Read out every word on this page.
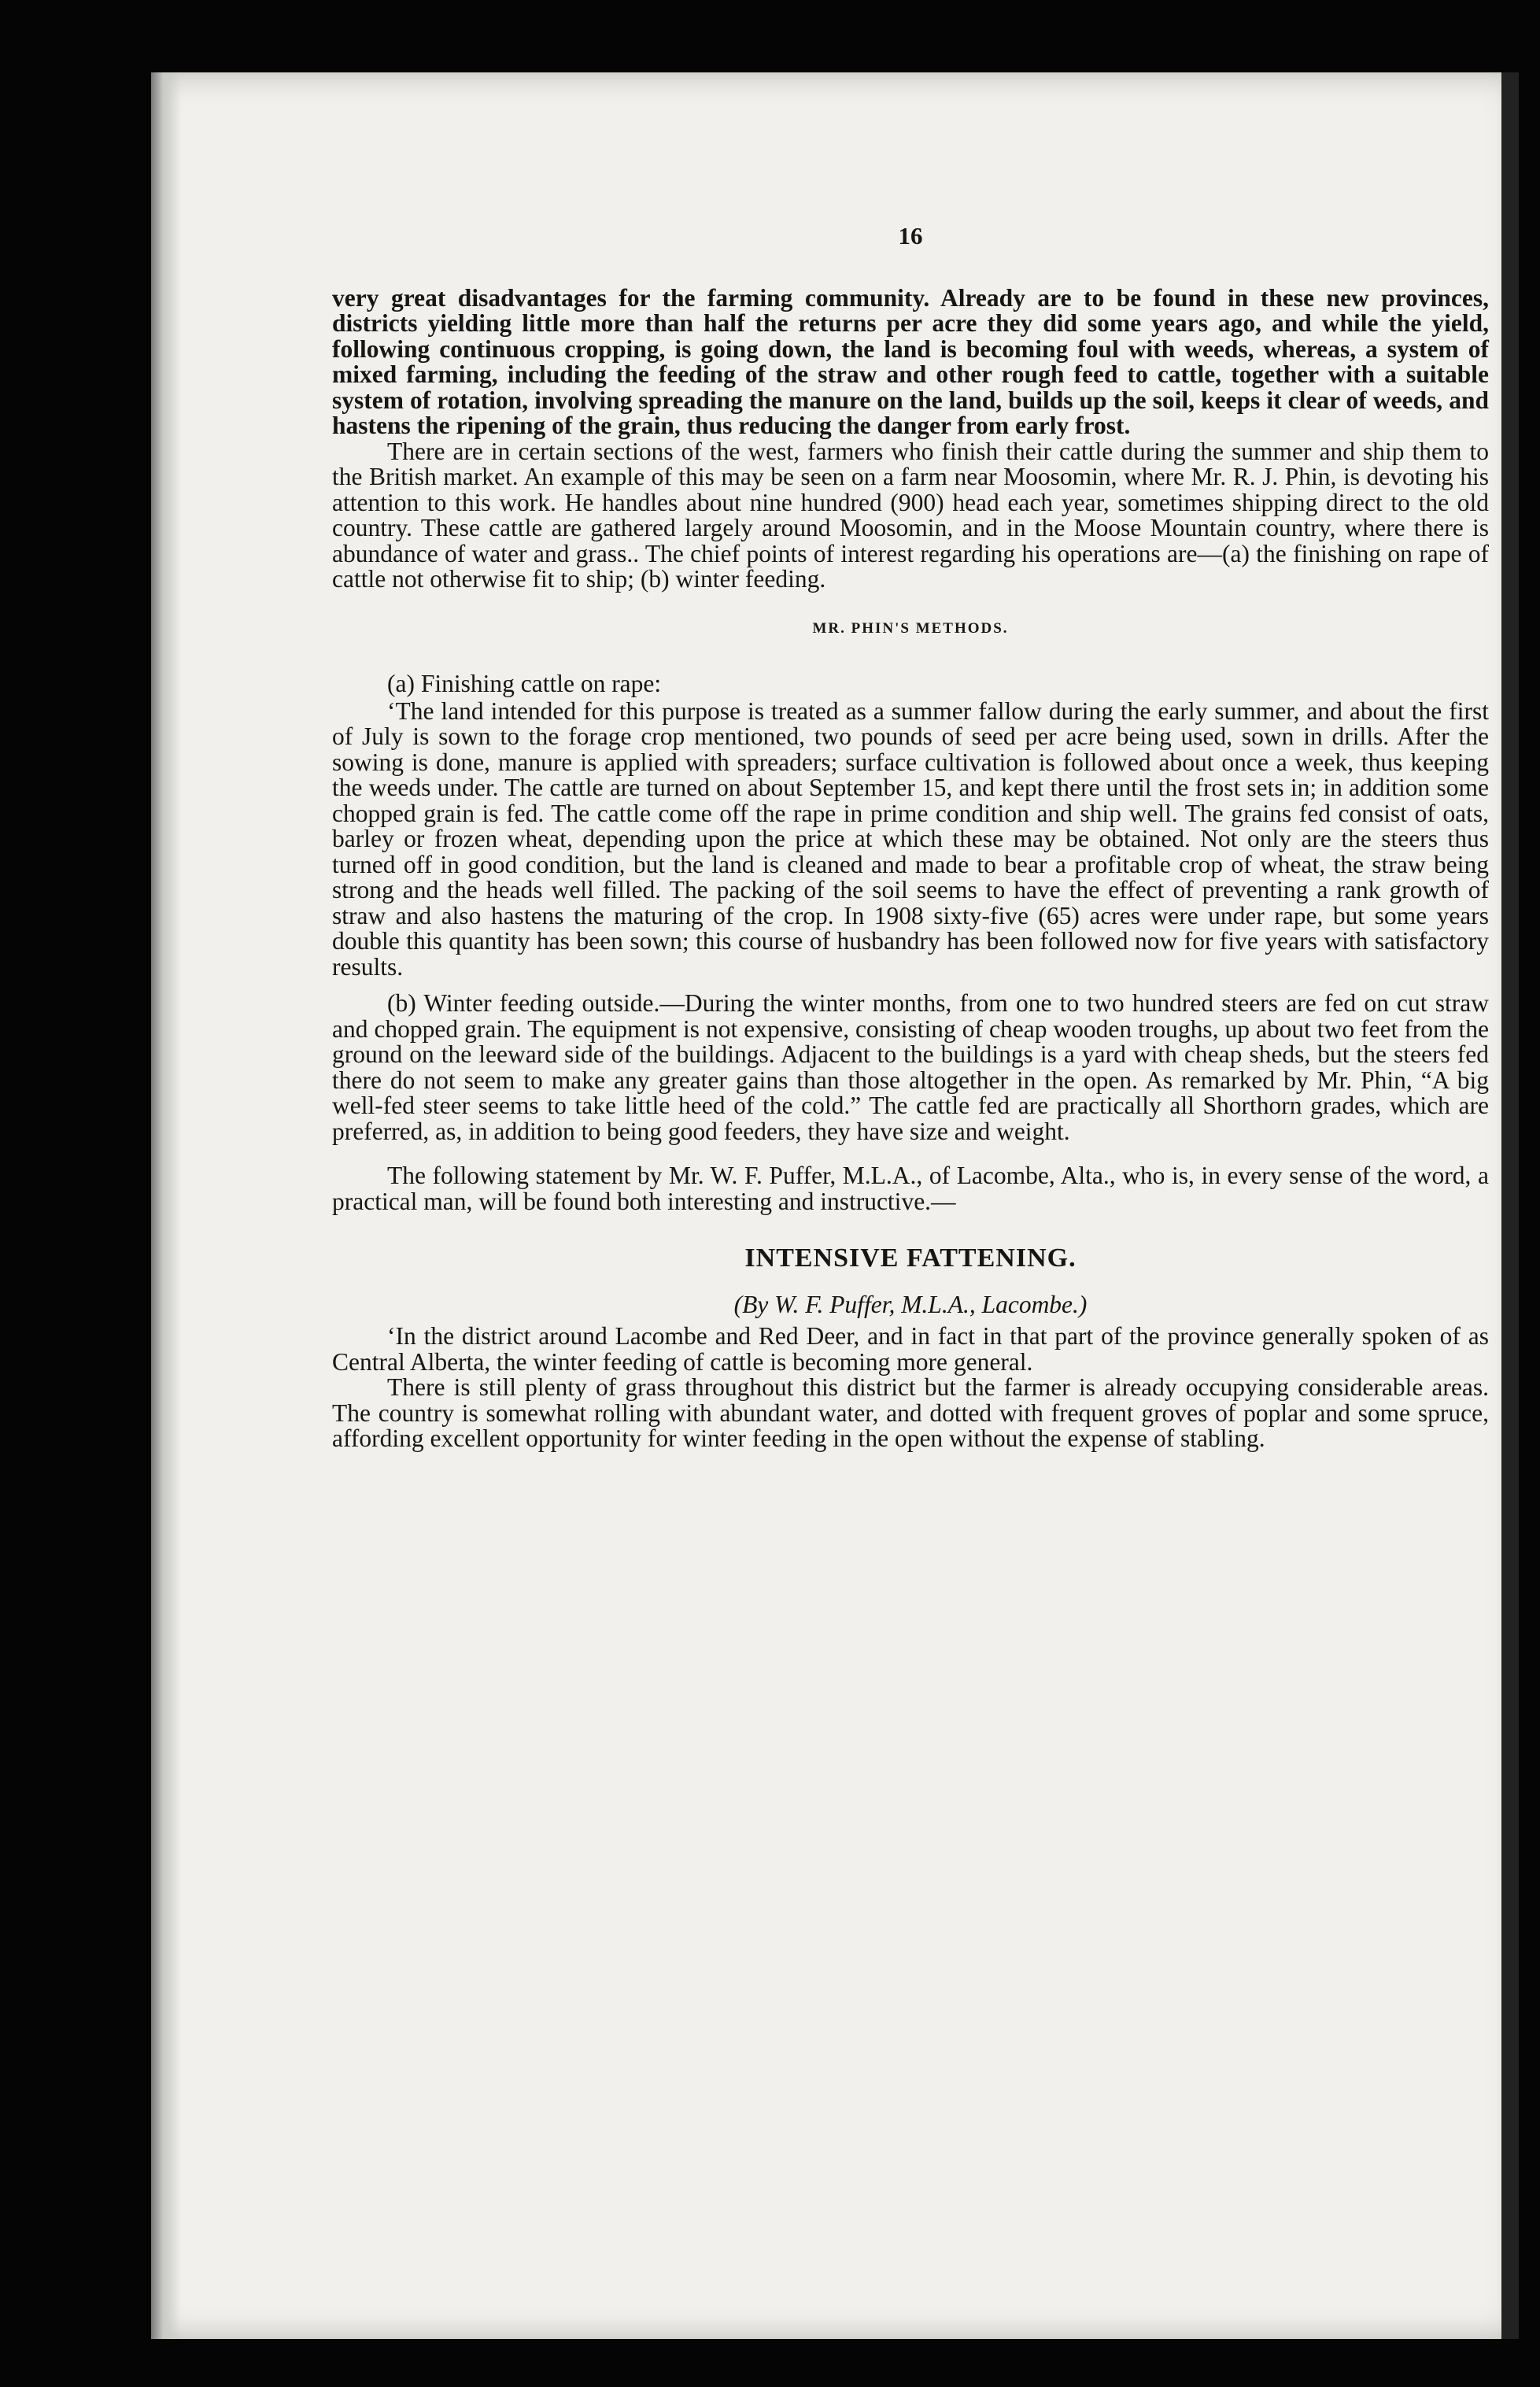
16

very great disadvantages for the farming community. Already are to be found in these new provinces, districts yielding little more than half the returns per acre they did some years ago, and while the yield, following continuous cropping, is going down, the land is becoming foul with weeds, whereas, a system of mixed farming, including the feeding of the straw and other rough feed to cattle, together with a suitable system of rotation, involving spreading the manure on the land, builds up the soil, keeps it clear of weeds, and hastens the ripening of the grain, thus reducing the danger from early frost.

There are in certain sections of the west, farmers who finish their cattle during the summer and ship them to the British market. An example of this may be seen on a farm near Moosomin, where Mr. R. J. Phin, is devoting his attention to this work. He handles about nine hundred (900) head each year, sometimes shipping direct to the old country. These cattle are gathered largely around Moosomin, and in the Moose Mountain country, where there is abundance of water and grass.. The chief points of interest regarding his operations are—(a) the finishing on rape of cattle not otherwise fit to ship; (b) winter feeding.

MR. PHIN'S METHODS.

(a) Finishing cattle on rape:

‘The land intended for this purpose is treated as a summer fallow during the early summer, and about the first of July is sown to the forage crop mentioned, two pounds of seed per acre being used, sown in drills. After the sowing is done, manure is applied with spreaders; surface cultivation is followed about once a week, thus keeping the weeds under. The cattle are turned on about September 15, and kept there until the frost sets in; in addition some chopped grain is fed. The cattle come off the rape in prime condition and ship well. The grains fed consist of oats, barley or frozen wheat, depending upon the price at which these may be obtained. Not only are the steers thus turned off in good condition, but the land is cleaned and made to bear a profitable crop of wheat, the straw being strong and the heads well filled. The packing of the soil seems to have the effect of preventing a rank growth of straw and also hastens the maturing of the crop. In 1908 sixty-five (65) acres were under rape, but some years double this quantity has been sown; this course of husbandry has been followed now for five years with satisfactory results.

(b) Winter feeding outside.—During the winter months, from one to two hundred steers are fed on cut straw and chopped grain. The equipment is not expensive, consisting of cheap wooden troughs, up about two feet from the ground on the leeward side of the buildings. Adjacent to the buildings is a yard with cheap sheds, but the steers fed there do not seem to make any greater gains than those altogether in the open. As remarked by Mr. Phin, “A big well-fed steer seems to take little heed of the cold.” The cattle fed are practically all Shorthorn grades, which are preferred, as, in addition to being good feeders, they have size and weight.

The following statement by Mr. W. F. Puffer, M.L.A., of Lacombe, Alta., who is, in every sense of the word, a practical man, will be found both interesting and instructive.—

INTENSIVE FATTENING.
(By W. F. Puffer, M.L.A., Lacombe.)

‘In the district around Lacombe and Red Deer, and in fact in that part of the province generally spoken of as Central Alberta, the winter feeding of cattle is becoming more general.

There is still plenty of grass throughout this district but the farmer is already occupying considerable areas. The country is somewhat rolling with abundant water, and dotted with frequent groves of poplar and some spruce, affording excellent opportunity for winter feeding in the open without the expense of stabling.
